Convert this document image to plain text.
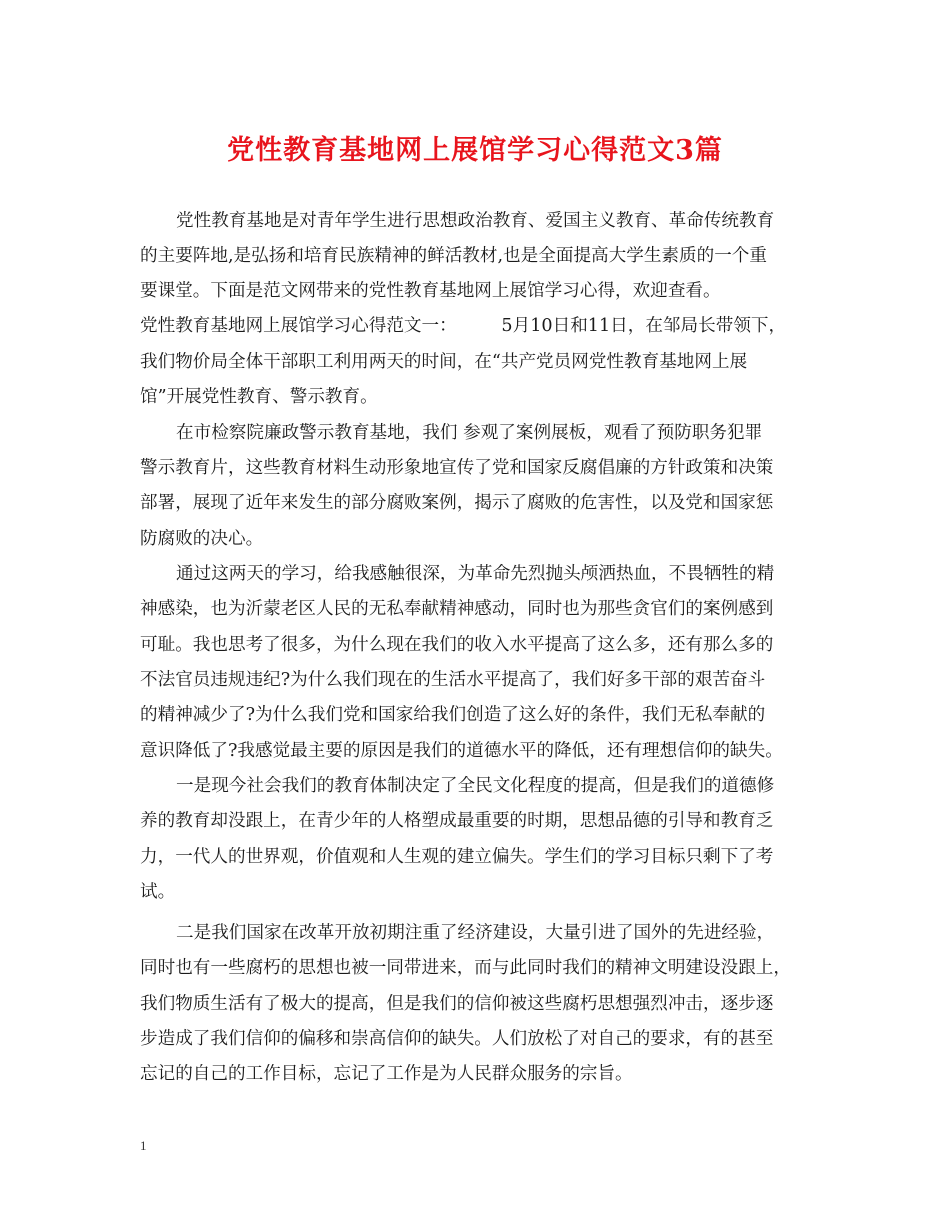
党性教育基地网上展馆学习心得范文3篇

党性教育基地是对青年学生进行思想政治教育、爱国主义教育、革命传统教育

的主要阵地,是弘扬和培育民族精神的鲜活教材,也是全面提高大学生素质的一个重

要课堂。下面是范文网带来的党性教育基地网上展馆学习心得，欢迎查看。

党性教育基地网上展馆学习心得范文一：        5月10日和11日，在邹局长带领下，

我们物价局全体干部职工利用两天的时间，在“共产党员网党性教育基地网上展

馆”开展党性教育、警示教育。

在市检察院廉政警示教育基地，我们 参观了案例展板，观看了预防职务犯罪

警示教育片，这些教育材料生动形象地宣传了党和国家反腐倡廉的方针政策和决策

部署，展现了近年来发生的部分腐败案例，揭示了腐败的危害性，以及党和国家惩

防腐败的决心。

通过这两天的学习，给我感触很深，为革命先烈抛头颅洒热血，不畏牺牲的精

神感染，也为沂蒙老区人民的无私奉献精神感动，同时也为那些贪官们的案例感到

可耻。我也思考了很多，为什么现在我们的收入水平提高了这么多，还有那么多的

不法官员违规违纪?为什么我们现在的生活水平提高了，我们好多干部的艰苦奋斗

的精神减少了?为什么我们党和国家给我们创造了这么好的条件，我们无私奉献的

意识降低了?我感觉最主要的原因是我们的道德水平的降低，还有理想信仰的缺失。

一是现今社会我们的教育体制决定了全民文化程度的提高，但是我们的道德修

养的教育却没跟上，在青少年的人格塑成最重要的时期，思想品德的引导和教育乏

力，一代人的世界观，价值观和人生观的建立偏失。学生们的学习目标只剩下了考

试。

二是我们国家在改革开放初期注重了经济建设，大量引进了国外的先进经验，

同时也有一些腐朽的思想也被一同带进来，而与此同时我们的精神文明建设没跟上，

我们物质生活有了极大的提高，但是我们的信仰被这些腐朽思想强烈冲击，逐步逐

步造成了我们信仰的偏移和崇高信仰的缺失。人们放松了对自己的要求，有的甚至

忘记的自己的工作目标，忘记了工作是为人民群众服务的宗旨。

1
